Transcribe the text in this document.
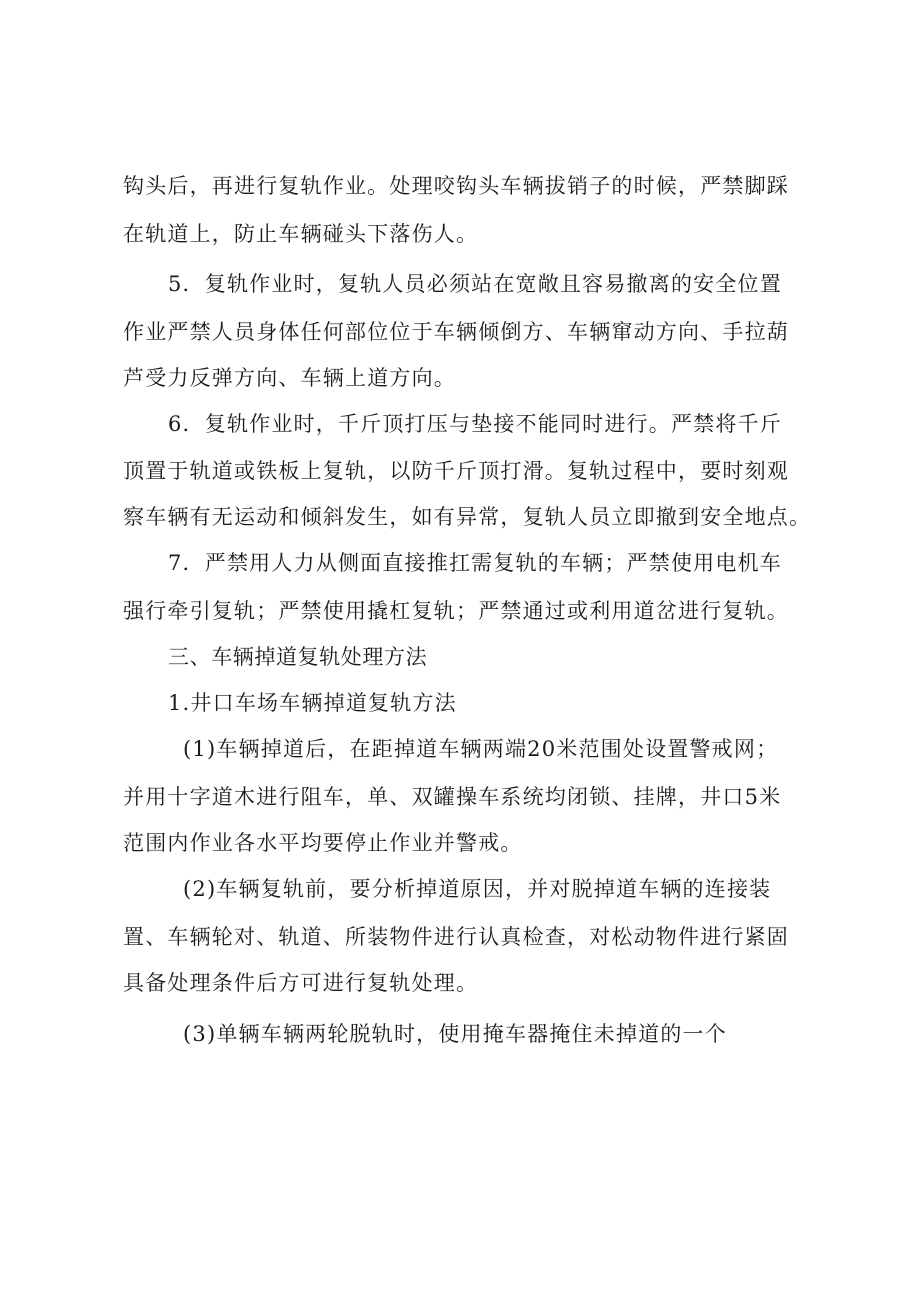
钩头后，再进行复轨作业。处理咬钩头车辆拔销子的时候，严禁脚踩
在轨道上，防止车辆碰头下落伤人。
5．复轨作业时，复轨人员必须站在宽敞且容易撤离的安全位置
作业严禁人员身体任何部位位于车辆倾倒方、车辆窜动方向、手拉葫
芦受力反弹方向、车辆上道方向。
6．复轨作业时，千斤顶打压与垫接不能同时进行。严禁将千斤
顶置于轨道或铁板上复轨，以防千斤顶打滑。复轨过程中，要时刻观
察车辆有无运动和倾斜发生，如有异常，复轨人员立即撤到安全地点。
7．严禁用人力从侧面直接推扛需复轨的车辆；严禁使用电机车
强行牵引复轨；严禁使用撬杠复轨；严禁通过或利用道岔进行复轨。
三、车辆掉道复轨处理方法
1.井口车场车辆掉道复轨方法
(1)车辆掉道后，在距掉道车辆两端20米范围处设置警戒网；
并用十字道木进行阻车，单、双罐操车系统均闭锁、挂牌，井口5米
范围内作业各水平均要停止作业并警戒。
(2)车辆复轨前，要分析掉道原因，并对脱掉道车辆的连接装
置、车辆轮对、轨道、所装物件进行认真检查，对松动物件进行紧固
具备处理条件后方可进行复轨处理。
(3)单辆车辆两轮脱轨时，使用掩车器掩住未掉道的一个
